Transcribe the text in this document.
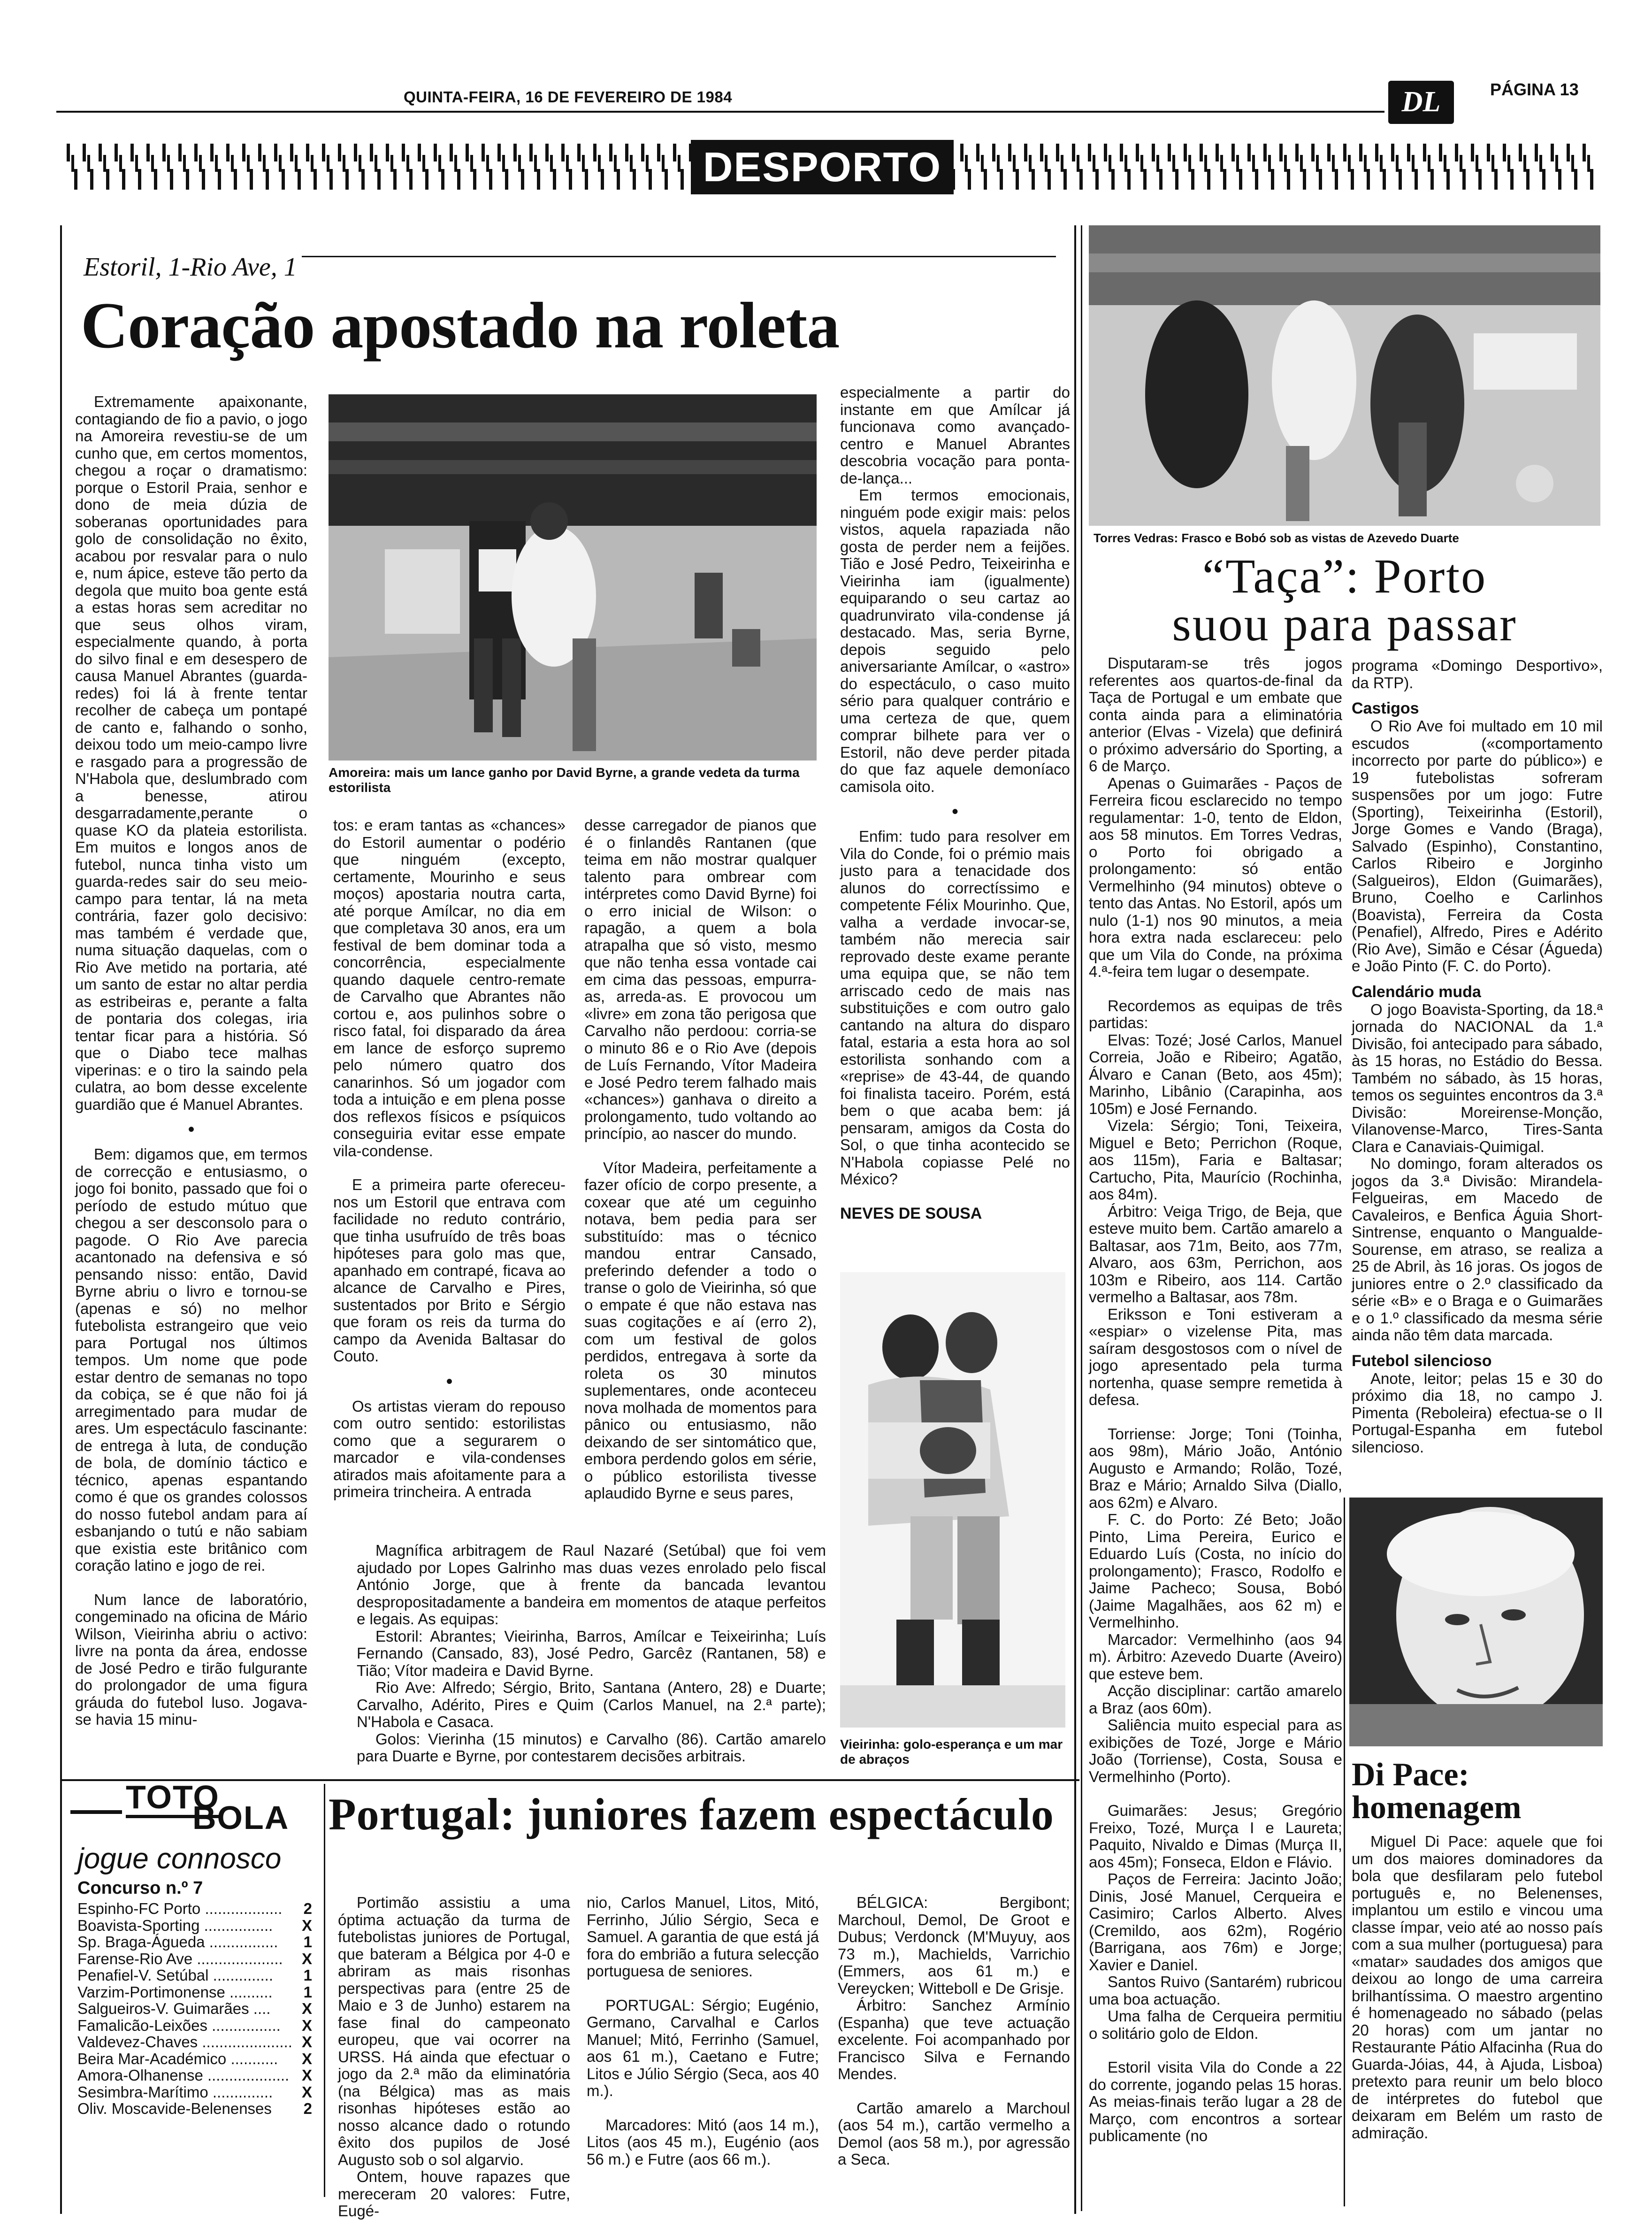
QUINTA-FEIRA, 16 DE FEVEREIRO DE 1984	DL	PÁGINA 13
DESPORTO
Estoril, 1-Rio Ave, 1
Coração apostado na roleta

Extremamente apaixonante, contagiando de fio a pavio, o jogo na Amoreira revestiu-se de um cunho que, em certos momentos, chegou a roçar o dramatismo: porque o Estoril Praia, senhor e dono de meia dúzia de soberanas oportunidades para golo de consolidação no êxito, acabou por resvalar para o nulo e, num ápice, esteve tão perto da degola que muito boa gente está a estas horas sem acreditar no que seus olhos viram, especialmente quando, à porta do silvo final e em desespero de causa Manuel Abrantes (guarda-redes) foi lá à frente tentar recolher de cabeça um pontapé de canto e, falhando o sonho, deixou todo um meio-campo livre e rasgado para a progressão de N'Habola que, deslumbrado com a benesse, atirou desgarradamente,perante o quase KO da plateia estorilista. Em muitos e longos anos de futebol, nunca tinha visto um guarda-redes sair do seu meio-campo para tentar, lá na meta contrária, fazer golo decisivo: mas também é verdade que, numa situação daquelas, com o Rio Ave metido na portaria, até um santo de estar no altar perdia as estribeiras e, perante a falta de pontaria dos colegas, iria tentar ficar para a história. Só que o Diabo tece malhas viperinas: e o tiro la saindo pela culatra, ao bom desse excelente guardião que é Manuel Abrantes.

•

Bem: digamos que, em termos de correcção e entusiasmo, o jogo foi bonito, passado que foi o período de estudo mútuo que chegou a ser desconsolo para o pagode. O Rio Ave parecia acantonado na defensiva e só pensando nisso: então, David Byrne abriu o livro e tornou-se (apenas e só) no melhor futebolista estrangeiro que veio para Portugal nos últimos tempos. Um nome que pode estar dentro de semanas no topo da cobiça, se é que não foi já arregimentado para mudar de ares. Um espectáculo fascinante: de entrega à luta, de condução de bola, de domínio táctico e técnico, apenas espantando como é que os grandes colossos do nosso futebol andam para aí esbanjando o tutú e não sabiam que existia este britânico com coração latino e jogo de rei.

Num lance de laboratório, congeminado na oficina de Mário Wilson, Vieirinha abriu o activo: livre na ponta da área, endosse de José Pedro e tirão fulgurante do prolongador de uma figura gráuda do futebol luso. Jogava-se havia 15 minu-

Amoreira: mais um lance ganho por David Byrne, a grande vedeta da turma estorilista

especialmente a partir do instante em que Amílcar já funcionava como avançado-centro e Manuel Abrantes descobria vocação para ponta-de-lança...

Em termos emocionais, ninguém pode exigir mais: pelos vistos, aquela rapaziada não gosta de perder nem a feijões. Tião e José Pedro, Teixeirinha e Vieirinha iam (igualmente) equiparando o seu cartaz ao quadrunvirato vila-condense já destacado. Mas, seria Byrne, depois seguido pelo aniversariante Amílcar, o «astro» do espectáculo, o caso muito sério para qualquer contrário e uma certeza de que, quem comprar bilhete para ver o Estoril, não deve perder pitada do que faz aquele demoníaco camisola oito.

•

Enfim: tudo para resolver em Vila do Conde, foi o prémio mais justo para a tenacidade dos alunos do correctíssimo e competente Félix Mourinho. Que, valha a verdade invocar-se, também não merecia sair reprovado deste exame perante uma equipa que, se não tem arriscado cedo de mais nas substituições e com outro galo cantando na altura do disparo fatal, estaria a esta hora ao sol estorilista sonhando com a «reprise» de 43-44, de quando foi finalista taceiro. Porém, está bem o que acaba bem: já pensaram, amigos da Costa do Sol, o que tinha acontecido se N'Habola copiasse Pelé no México?

NEVES DE SOUSA

tos: e eram tantas as «chances» do Estoril aumentar o podério que ninguém (excepto, certamente, Mourinho e seus moços) apostaria noutra carta, até porque Amílcar, no dia em que completava 30 anos, era um festival de bem dominar toda a concorrência, especialmente quando daquele centro-remate de Carvalho que Abrantes não cortou e, aos pulinhos sobre o risco fatal, foi disparado da área em lance de esforço supremo pelo número quatro dos canarinhos. Só um jogador com toda a intuição e em plena posse dos reflexos físicos e psíquicos conseguiria evitar esse empate vila-condense.

E a primeira parte ofereceu-nos um Estoril que entrava com facilidade no reduto contrário, que tinha usufruído de três boas hipóteses para golo mas que, apanhado em contrapé, ficava ao alcance de Carvalho e Pires, sustentados por Brito e Sérgio que foram os reis da turma do campo da Avenida Baltasar do Couto.

•

Os artistas vieram do repouso com outro sentido: estorilistas como que a segurarem o marcador e vila-condenses atirados mais afoitamente para a primeira trincheira. A entrada

desse carregador de pianos que é o finlandês Rantanen (que teima em não mostrar qualquer talento para ombrear com intérpretes como David Byrne) foi o erro inicial de Wilson: o rapagão, a quem a bola atrapalha que só visto, mesmo que não tenha essa vontade cai em cima das pessoas, empurra-as, arreda-as. E provocou um «livre» em zona tão perigosa que Carvalho não perdoou: corria-se o minuto 86 e o Rio Ave (depois de Luís Fernando, Vítor Madeira e José Pedro terem falhado mais «chances») ganhava o direito a prolongamento, tudo voltando ao princípio, ao nascer do mundo.

Vítor Madeira, perfeitamente a fazer ofício de corpo presente, a coxear que até um ceguinho notava, bem pedia para ser substituído: mas o técnico mandou entrar Cansado, preferindo defender a todo o transe o golo de Vieirinha, só que o empate é que não estava nas suas cogitações e aí (erro 2), com um festival de golos perdidos, entregava à sorte da roleta os 30 minutos suplementares, onde aconteceu nova molhada de momentos para pânico ou entusiasmo, não deixando de ser sintomático que, embora perdendo golos em série, o público estorilista tivesse aplaudido Byrne e seus pares,

Magnífica arbitragem de Raul Nazaré (Setúbal) que foi vem ajudado por Lopes Galrinho mas duas vezes enrolado pelo fiscal António Jorge, que à frente da bancada levantou despropositadamente a bandeira em momentos de ataque perfeitos e legais. As equipas:

Estoril: Abrantes; Vieirinha, Barros, Amílcar e Teixeirinha; Luís Fernando (Cansado, 83), José Pedro, Garcêz (Rantanen, 58) e Tião; Vítor madeira e David Byrne.

Rio Ave: Alfredo; Sérgio, Brito, Santana (Antero, 28) e Duarte; Carvalho, Adérito, Pires e Quim (Carlos Manuel, na 2.ª parte); N'Habola e Casaca.

Golos: Vierinha (15 minutos) e Carvalho (86). Cartão amarelo para Duarte e Byrne, por contestarem decisões arbitrais.

Vieirinha: golo-esperança e um mar de abraços
Torres Vedras: Frasco e Bobó sob as vistas de Azevedo Duarte
“Taça”: Porto
suou para passar

Disputaram-se três jogos referentes aos quartos-de-final da Taça de Portugal e um embate que conta ainda para a eliminatória anterior (Elvas - Vizela) que definirá o próximo adversário do Sporting, a 6 de Março.

Apenas o Guimarães - Paços de Ferreira ficou esclarecido no tempo regulamentar: 1-0, tento de Eldon, aos 58 minutos. Em Torres Vedras, o Porto foi obrigado a prolongamento: só então Vermelhinho (94 minutos) obteve o tento das Antas. No Estoril, após um nulo (1-1) nos 90 minutos, a meia hora extra nada esclareceu: pelo que um Vila do Conde, na próxima 4.ª-feira tem lugar o desempate.

Recordemos as equipas de três partidas:

Elvas: Tozé; José Carlos, Manuel Correia, João e Ribeiro; Agatão, Álvaro e Canan (Beto, aos 45m); Marinho, Libânio (Carapinha, aos 105m) e José Fernando.

Vizela: Sérgio; Toni, Teixeira, Miguel e Beto; Perrichon (Roque, aos 115m), Faria e Baltasar; Cartucho, Pita, Maurício (Rochinha, aos 84m).

Árbitro: Veiga Trigo, de Beja, que esteve muito bem. Cartão amarelo a Baltasar, aos 71m, Beito, aos 77m, Alvaro, aos 63m, Perrichon, aos 103m e Ribeiro, aos 114. Cartão vermelho a Baltasar, aos 78m.

Eriksson e Toni estiveram a «espiar» o vizelense Pita, mas saíram desgostosos com o nível de jogo apresentado pela turma nortenha, quase sempre remetida à defesa.

Torriense: Jorge; Toni (Toinha, aos 98m), Mário João, António Augusto e Armando; Rolão, Tozé, Braz e Mário; Arnaldo Silva (Diallo, aos 62m) e Alvaro.

F. C. do Porto: Zé Beto; João Pinto, Lima Pereira, Eurico e Eduardo Luís (Costa, no início do prolongamento); Frasco, Rodolfo e Jaime Pacheco; Sousa, Bobó (Jaime Magalhães, aos 62 m) e Vermelhinho.

Marcador: Vermelhinho (aos 94 m). Árbitro: Azevedo Duarte (Aveiro) que esteve bem.

Acção disciplinar: cartão amarelo a Braz (aos 60m).

Saliência muito especial para as exibições de Tozé, Jorge e Mário João (Torriense), Costa, Sousa e Vermelhinho (Porto).

Guimarães: Jesus; Gregório Freixo, Tozé, Murça I e Laureta; Paquito, Nivaldo e Dimas (Murça II, aos 45m); Fonseca, Eldon e Flávio.

Paços de Ferreira: Jacinto João; Dinis, José Manuel, Cerqueira e Casimiro; Carlos Alberto. Alves (Cremildo, aos 62m), Rogério (Barrigana, aos 76m) e Jorge; Xavier e Daniel.

Santos Ruivo (Santarém) rubricou uma boa actuação.

Uma falha de Cerqueira permitiu o solitário golo de Eldon.

Estoril visita Vila do Conde a 22 do corrente, jogando pelas 15 horas. As meias-finais terão lugar a 28 de Março, com encontros a sortear publicamente (no

programa «Domingo Desportivo», da RTP).

Castigos

O Rio Ave foi multado em 10 mil escudos («comportamento incorrecto por parte do público») e 19 futebolistas sofreram suspensões por um jogo: Futre (Sporting), Teixeirinha (Estoril), Jorge Gomes e Vando (Braga), Salvado (Espinho), Constantino, Carlos Ribeiro e Jorginho (Salgueiros), Eldon (Guimarães), Bruno, Coelho e Carlinhos (Boavista), Ferreira da Costa (Penafiel), Alfredo, Pires e Adérito (Rio Ave), Simão e César (Águeda) e João Pinto (F. C. do Porto).

Calendário muda

O jogo Boavista-Sporting, da 18.ª jornada do NACIONAL da 1.ª Divisão, foi antecipado para sábado, às 15 horas, no Estádio do Bessa. Também no sábado, às 15 horas, temos os seguintes encontros da 3.ª Divisão: Moreirense-Monção, Vilanovense-Marco, Tires-Santa Clara e Canaviais-Quimigal.

No domingo, foram alterados os jogos da 3.ª Divisão: Mirandela-Felgueiras, em Macedo de Cavaleiros, e Benfica Águia Short-Sintrense, enquanto o Mangualde-Sourense, em atraso, se realiza a 25 de Abril, às 16 joras. Os jogos de juniores entre o 2.º classificado da série «B» e o Braga e o Guimarães e o 1.º classificado da mesma série ainda não têm data marcada.

Futebol silencioso

Anote, leitor; pelas 15 e 30 do próximo dia 18, no campo J. Pimenta (Reboleira) efectua-se o II Portugal-Espanha em futebol silencioso.

Di Pace:
homenagem

Miguel Di Pace: aquele que foi um dos maiores dominadores da bola que desfilaram pelo futebol português e, no Belenenses, implantou um estilo e vincou uma classe ímpar, veio até ao nosso país com a sua mulher (portuguesa) para «matar» saudades dos amigos que deixou ao longo de uma carreira brilhantíssima. O maestro argentino é homenageado no sábado (pelas 20 horas) com um jantar no Restaurante Pátio Alfacinha (Rua do Guarda-Jóias, 44, à Ajuda, Lisboa) pretexto para reunir um belo bloco de intérpretes do futebol que deixaram em Belém um rasto de admiração.

TOTO
BOLA
jogue connosco
Concurso n.º 7
Espinho-FC Porto ..................	2
Boavista-Sporting ................	X
Sp. Braga-Águeda ................	1
Farense-Rio Ave ....................	X
Penafiel-V. Setúbal ..............	1
Varzim-Portimonense ..........	1
Salgueiros-V. Guimarães ....	X
Famalicão-Leixões ................	X
Valdevez-Chaves ..................... X
Beira Mar-Académico ...........	X
Amora-Olhanense ................... X
Sesimbra-Marítimo ..............	X
Oliv. Moscavide-Belenenses	2
Portugal: juniores fazem espectáculo

Portimão assistiu a uma óptima actuação da turma de futebolistas juniores de Portugal, que bateram a Bélgica por 4-0 e abriram as mais risonhas perspectivas para (entre 25 de Maio e 3 de Junho) estarem na fase final do campeonato europeu, que vai ocorrer na URSS. Há ainda que efectuar o jogo da 2.ª mão da eliminatória (na Bélgica) mas as mais risonhas hipóteses estão ao nosso alcance dado o rotundo êxito dos pupilos de José Augusto sob o sol algarvio.

Ontem, houve rapazes que mereceram 20 valores: Futre, Eugé-

nio, Carlos Manuel, Litos, Mitó, Ferrinho, Júlio Sérgio, Seca e Samuel. A garantia de que está já fora do embrião a futura selecção portuguesa de seniores.

PORTUGAL: Sérgio; Eugénio, Germano, Carvalhal e Carlos Manuel; Mitó, Ferrinho (Samuel, aos 61 m.), Caetano e Futre; Litos e Júlio Sérgio (Seca, aos 40 m.).

Marcadores: Mitó (aos 14 m.), Litos (aos 45 m.), Eugénio (aos 56 m.) e Futre (aos 66 m.).

BÉLGICA: Bergibont; Marchoul, Demol, De Groot e Dubus; Verdonck (M'Muyuy, aos 73 m.), Machields, Varrichio (Emmers, aos 61 m.) e Vereycken; Witteboll e De Grisje.

Árbitro: Sanchez Armínio (Espanha) que teve actuação excelente. Foi acompanhado por Francisco Silva e Fernando Mendes.

Cartão amarelo a Marchoul (aos 54 m.), cartão vermelho a Demol (aos 58 m.), por agressão a Seca.
